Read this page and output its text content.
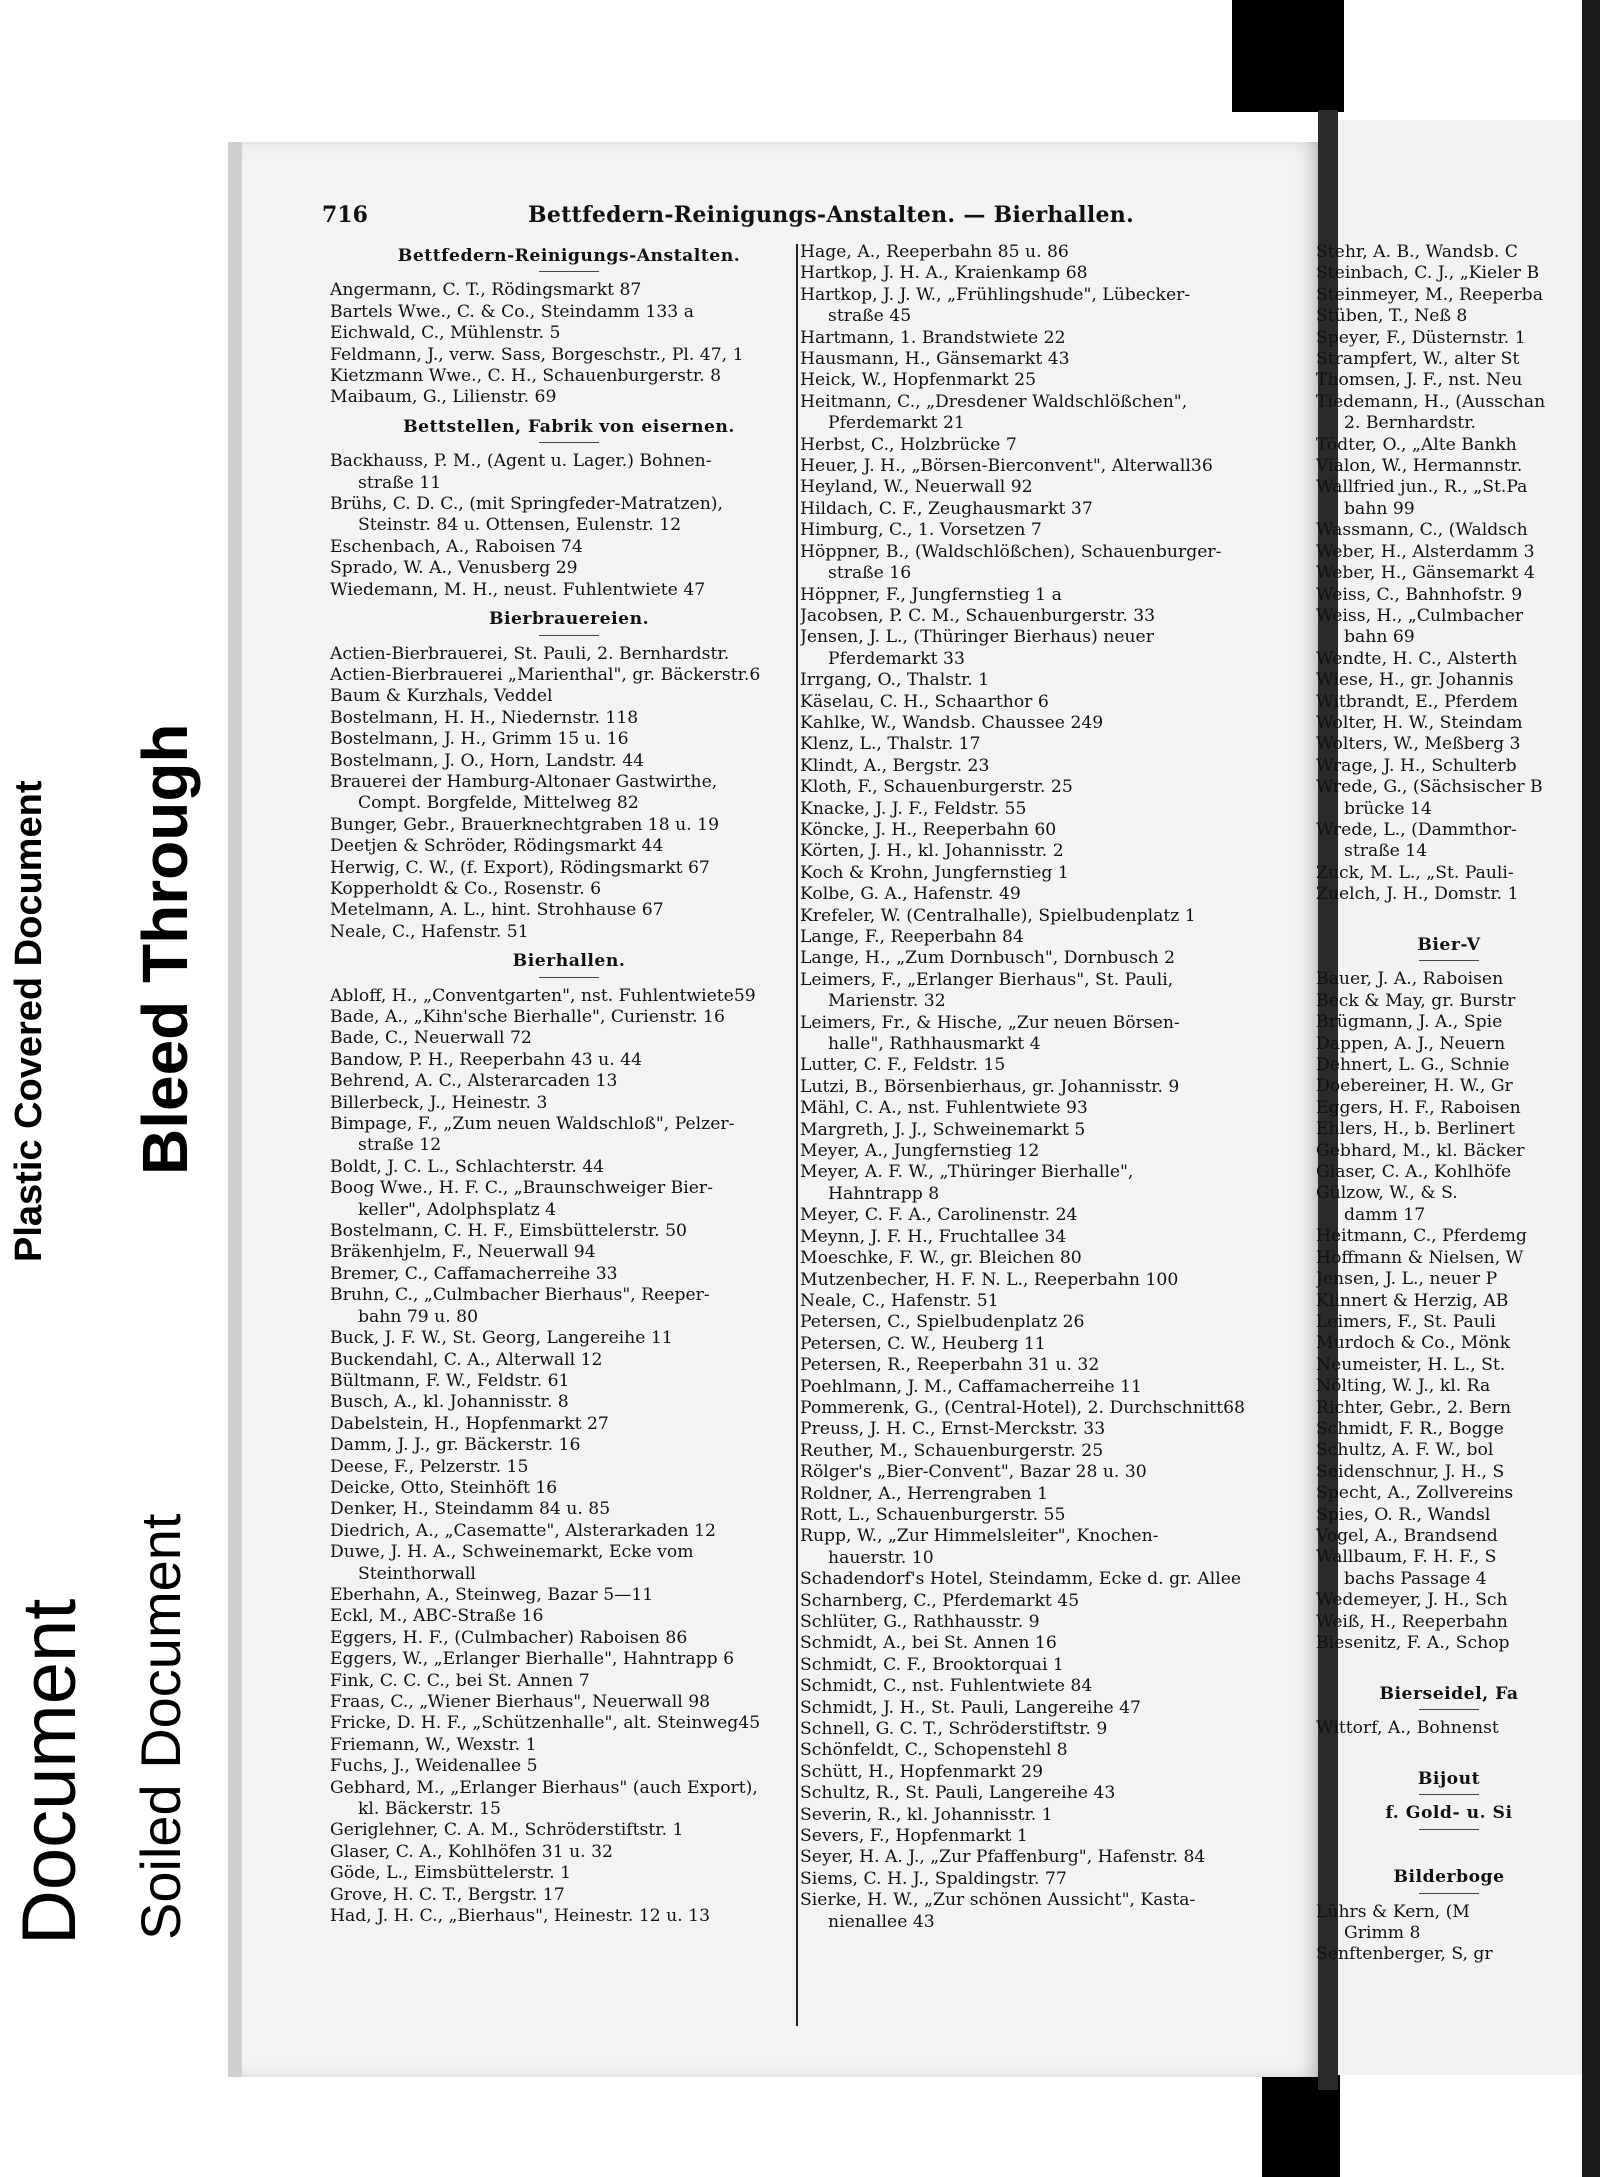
Plastic Covered Document Bleed Through
Soiled Document
Document
716	Bettfedern-Reinigungs-Anstalten. — Bierhallen.

Bettfedern-Reinigungs-Anstalten.

Angermann, C. T., Rödingsmarkt 87

Bartels Wwe., C. & Co., Steindamm 133 a

Eichwald, C., Mühlenstr. 5

Feldmann, J., verw. Sass, Borgeschstr., Pl. 47, 1

Kietzmann Wwe., C. H., Schauenburgerstr. 8

Maibaum, G., Lilienstr. 69

Bettstellen, Fabrik von eisernen.

Backhauss, P. M., (Agent u. Lager.) Bohnen-

straße 11

Brühs, C. D. C., (mit Springfeder-Matratzen),

Steinstr. 84 u. Ottensen, Eulenstr. 12

Eschenbach, A., Raboisen 74

Sprado, W. A., Venusberg 29

Wiedemann, M. H., neust. Fuhlentwiete 47

Bierbrauereien.

Actien-Bierbrauerei, St. Pauli, 2. Bernhardstr.

Actien-Bierbrauerei „Marienthal", gr. Bäckerstr.6

Baum & Kurzhals, Veddel

Bostelmann, H. H., Niedernstr. 118

Bostelmann, J. H., Grimm 15 u. 16

Bostelmann, J. O., Horn, Landstr. 44

Brauerei der Hamburg-Altonaer Gastwirthe,

Compt. Borgfelde, Mittelweg 82

Bunger, Gebr., Brauerknechtgraben 18 u. 19

Deetjen & Schröder, Rödingsmarkt 44

Herwig, C. W., (f. Export), Rödingsmarkt 67

Kopperholdt & Co., Rosenstr. 6

Metelmann, A. L., hint. Strohhause 67

Neale, C., Hafenstr. 51

Bierhallen.

Abloff, H., „Conventgarten", nst. Fuhlentwiete59

Bade, A., „Kihn'sche Bierhalle", Curienstr. 16

Bade, C., Neuerwall 72

Bandow, P. H., Reeperbahn 43 u. 44

Behrend, A. C., Alsterarcaden 13

Billerbeck, J., Heinestr. 3

Bimpage, F., „Zum neuen Waldschloß", Pelzer-

straße 12

Boldt, J. C. L., Schlachterstr. 44

Boog Wwe., H. F. C., „Braunschweiger Bier-

keller", Adolphsplatz 4

Bostelmann, C. H. F., Eimsbüttelerstr. 50

Bräkenhjelm, F., Neuerwall 94

Bremer, C., Caffamacherreihe 33

Bruhn, C., „Culmbacher Bierhaus", Reeper-

bahn 79 u. 80

Buck, J. F. W., St. Georg, Langereihe 11

Buckendahl, C. A., Alterwall 12

Bültmann, F. W., Feldstr. 61

Busch, A., kl. Johannisstr. 8

Dabelstein, H., Hopfenmarkt 27

Damm, J. J., gr. Bäckerstr. 16

Deese, F., Pelzerstr. 15

Deicke, Otto, Steinhöft 16

Denker, H., Steindamm 84 u. 85

Diedrich, A., „Casematte", Alsterarkaden 12

Duwe, J. H. A., Schweinemarkt, Ecke vom

Steinthorwall

Eberhahn, A., Steinweg, Bazar 5—11

Eckl, M., ABC-Straße 16

Eggers, H. F., (Culmbacher) Raboisen 86

Eggers, W., „Erlanger Bierhalle", Hahntrapp 6

Fink, C. C. C., bei St. Annen 7

Fraas, C., „Wiener Bierhaus", Neuerwall 98

Fricke, D. H. F., „Schützenhalle", alt. Steinweg45

Friemann, W., Wexstr. 1

Fuchs, J., Weidenallee 5

Gebhard, M., „Erlanger Bierhaus" (auch Export),

kl. Bäckerstr. 15

Geriglehner, C. A. M., Schröderstiftstr. 1

Glaser, C. A., Kohlhöfen 31 u. 32

Göde, L., Eimsbüttelerstr. 1

Grove, H. C. T., Bergstr. 17

Had, J. H. C., „Bierhaus", Heinestr. 12 u. 13

Hage, A., Reeperbahn 85 u. 86

Hartkop, J. H. A., Kraienkamp 68

Hartkop, J. J. W., „Frühlingshude", Lübecker-

straße 45

Hartmann, 1. Brandstwiete 22

Hausmann, H., Gänsemarkt 43

Heick, W., Hopfenmarkt 25

Heitmann, C., „Dresdener Waldschlößchen",

Pferdemarkt 21

Herbst, C., Holzbrücke 7

Heuer, J. H., „Börsen-Bierconvent", Alterwall36

Heyland, W., Neuerwall 92

Hildach, C. F., Zeughausmarkt 37

Himburg, C., 1. Vorsetzen 7

Höppner, B., (Waldschlößchen), Schauenburger-

straße 16

Höppner, F., Jungfernstieg 1 a

Jacobsen, P. C. M., Schauenburgerstr. 33

Jensen, J. L., (Thüringer Bierhaus) neuer

Pferdemarkt 33

Irrgang, O., Thalstr. 1

Käselau, C. H., Schaarthor 6

Kahlke, W., Wandsb. Chaussee 249

Klenz, L., Thalstr. 17

Klindt, A., Bergstr. 23

Kloth, F., Schauenburgerstr. 25

Knacke, J. J. F., Feldstr. 55

Köncke, J. H., Reeperbahn 60

Körten, J. H., kl. Johannisstr. 2

Koch & Krohn, Jungfernstieg 1

Kolbe, G. A., Hafenstr. 49

Krefeler, W. (Centralhalle), Spielbudenplatz 1

Lange, F., Reeperbahn 84

Lange, H., „Zum Dornbusch", Dornbusch 2

Leimers, F., „Erlanger Bierhaus", St. Pauli,

Marienstr. 32

Leimers, Fr., & Hische, „Zur neuen Börsen-

halle", Rathhausmarkt 4

Lutter, C. F., Feldstr. 15

Lutzi, B., Börsenbierhaus, gr. Johannisstr. 9

Mähl, C. A., nst. Fuhlentwiete 93

Margreth, J. J., Schweinemarkt 5

Meyer, A., Jungfernstieg 12

Meyer, A. F. W., „Thüringer Bierhalle",

Hahntrapp 8

Meyer, C. F. A., Carolinenstr. 24

Meynn, J. F. H., Fruchtallee 34

Moeschke, F. W., gr. Bleichen 80

Mutzenbecher, H. F. N. L., Reeperbahn 100

Neale, C., Hafenstr. 51

Petersen, C., Spielbudenplatz 26

Petersen, C. W., Heuberg 11

Petersen, R., Reeperbahn 31 u. 32

Poehlmann, J. M., Caffamacherreihe 11

Pommerenk, G., (Central-Hotel), 2. Durchschnitt68

Preuss, J. H. C., Ernst-Merckstr. 33

Reuther, M., Schauenburgerstr. 25

Rölger's „Bier-Convent", Bazar 28 u. 30

Roldner, A., Herrengraben 1

Rott, L., Schauenburgerstr. 55

Rupp, W., „Zur Himmelsleiter", Knochen-

hauerstr. 10

Schadendorf's Hotel, Steindamm, Ecke d. gr. Allee

Scharnberg, C., Pferdemarkt 45

Schlüter, G., Rathhausstr. 9

Schmidt, A., bei St. Annen 16

Schmidt, C. F., Brooktorquai 1

Schmidt, C., nst. Fuhlentwiete 84

Schmidt, J. H., St. Pauli, Langereihe 47

Schnell, G. C. T., Schröderstiftstr. 9

Schönfeldt, C., Schopenstehl 8

Schütt, H., Hopfenmarkt 29

Schultz, R., St. Pauli, Langereihe 43

Severin, R., kl. Johannisstr. 1

Severs, F., Hopfenmarkt 1

Seyer, H. A. J., „Zur Pfaffenburg", Hafenstr. 84

Siems, C. H. J., Spaldingstr. 77

Sierke, H. W., „Zur schönen Aussicht", Kasta-

nienallee 43

Stehr, A. B., Wandsb. C

Steinbach, C. J., „Kieler B

Steinmeyer, M., Reeperba

Stüben, T., Neß 8

Speyer, F., Düsternstr. 1

Strampfert, W., alter St

Thomsen, J. F., nst. Neu

Tiedemann, H., (Ausschan

2. Bernhardstr.

Tödter, O., „Alte Bankh

Vialon, W., Hermannstr.

Wallfried jun., R., „St.Pa

bahn 99

Wassmann, C., (Waldsch

Weber, H., Alsterdamm 3

Weber, H., Gänsemarkt 4

Weiss, C., Bahnhofstr. 9

Weiss, H., „Culmbacher

bahn 69

Wendte, H. C., Alsterth

Wiese, H., gr. Johannis

Witbrandt, E., Pferdem

Wolter, H. W., Steindam

Wolters, W., Meßberg 3

Wrage, J. H., Schulterb

Wrede, G., (Sächsischer B

brücke 14

Wrede, L., (Dammthor-

straße 14

Zuck, M. L., „St. Pauli-

Zuelch, J. H., Domstr. 1

Bier-V

Bauer, J. A., Raboisen

Beck & May, gr. Burstr

Brügmann, J. A., Spie

Dappen, A. J., Neuern

Dehnert, L. G., Schnie

Doebereiner, H. W., Gr

Eggers, H. F., Raboisen

Ehlers, H., b. Berlinert

Gebhard, M., kl. Bäcker

Glaser, C. A., Kohlhöfe

Gülzow, W., & S.

damm 17

Heitmann, C., Pferdemg

Hoffmann & Nielsen, W

Jensen, J. L., neuer P

Klinnert & Herzig, AB

Leimers, F., St. Pauli

Murdoch & Co., Mönk

Neumeister, H. L., St.

Nölting, W. J., kl. Ra

Richter, Gebr., 2. Bern

Schmidt, F. R., Bogge

Schultz, A. F. W., bol

Seidenschnur, J. H., S

Specht, A., Zollvereins

Spies, O. R., Wandsl

Vogel, A., Brandsend

Wallbaum, F. H. F., S

bachs Passage 4

Wedemeyer, J. H., Sch

Weiß, H., Reeperbahn

Biesenitz, F. A., Schop

Bierseidel, Fa

Wittorf, A., Bohnenst

Bijout

f. Gold- u. Si

Bilderboge

Lührs & Kern, (M

Grimm 8

Senftenberger, S, gr
